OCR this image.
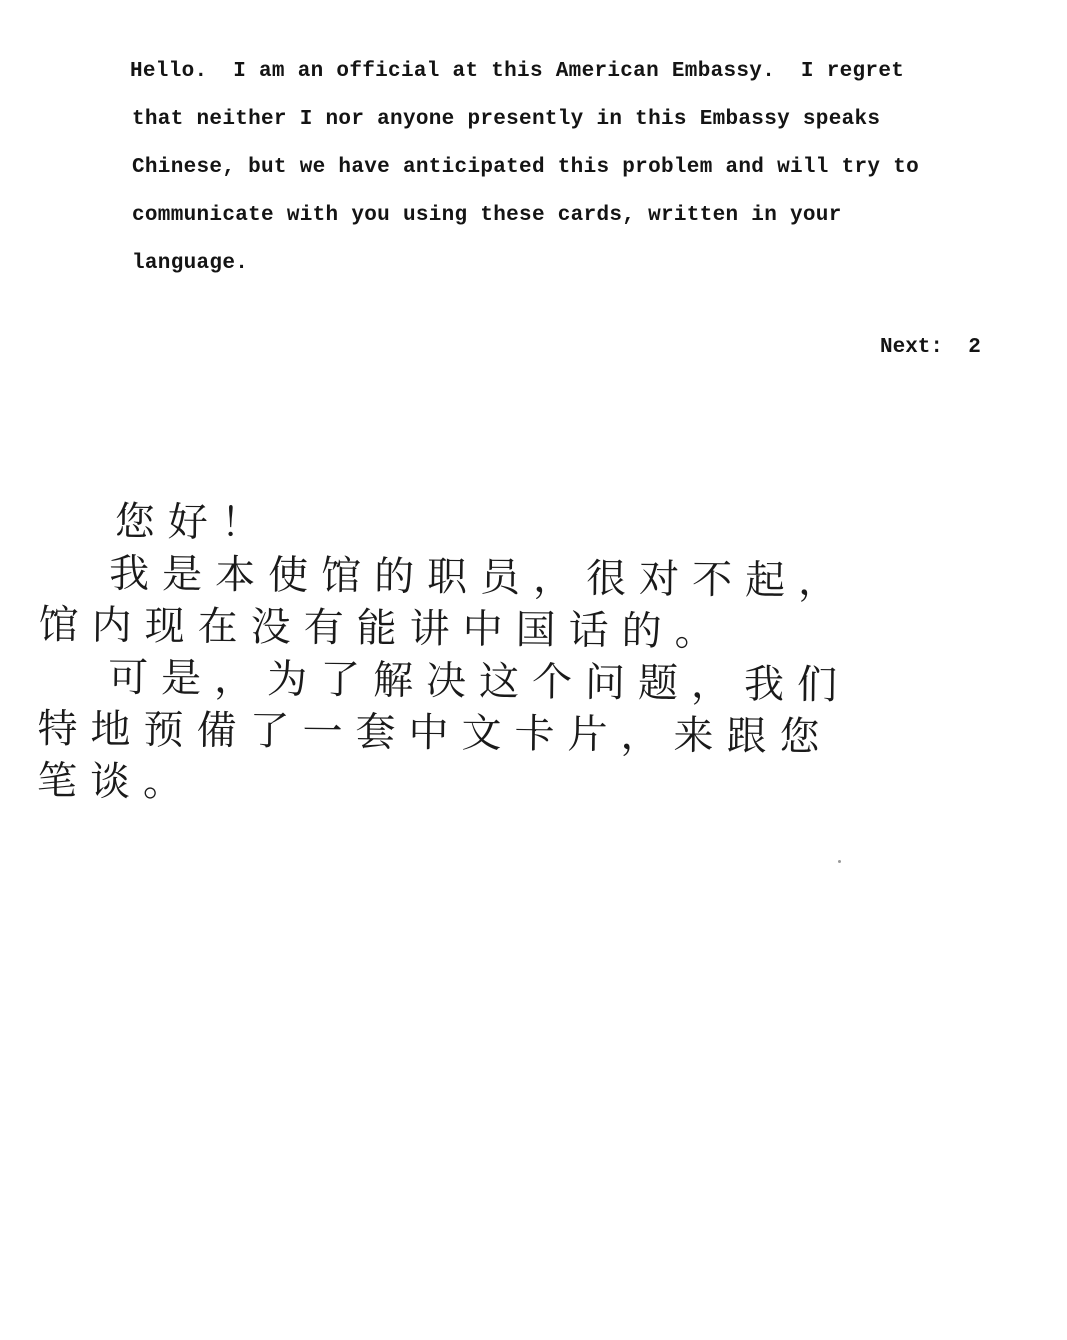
Hello.  I am an official at this American Embassy.  I regret
that neither I nor anyone presently in this Embassy speaks
Chinese, but we have anticipated this problem and will try to
communicate with you using these cards, written in your
language.
Next: 2
您好！
我是本使馆的职员，很对不起，
馆内现在没有能讲中国话的。
可是，为了解决这个问题，我们
特地预備了一套中文卡片，来跟您
笔谈。
